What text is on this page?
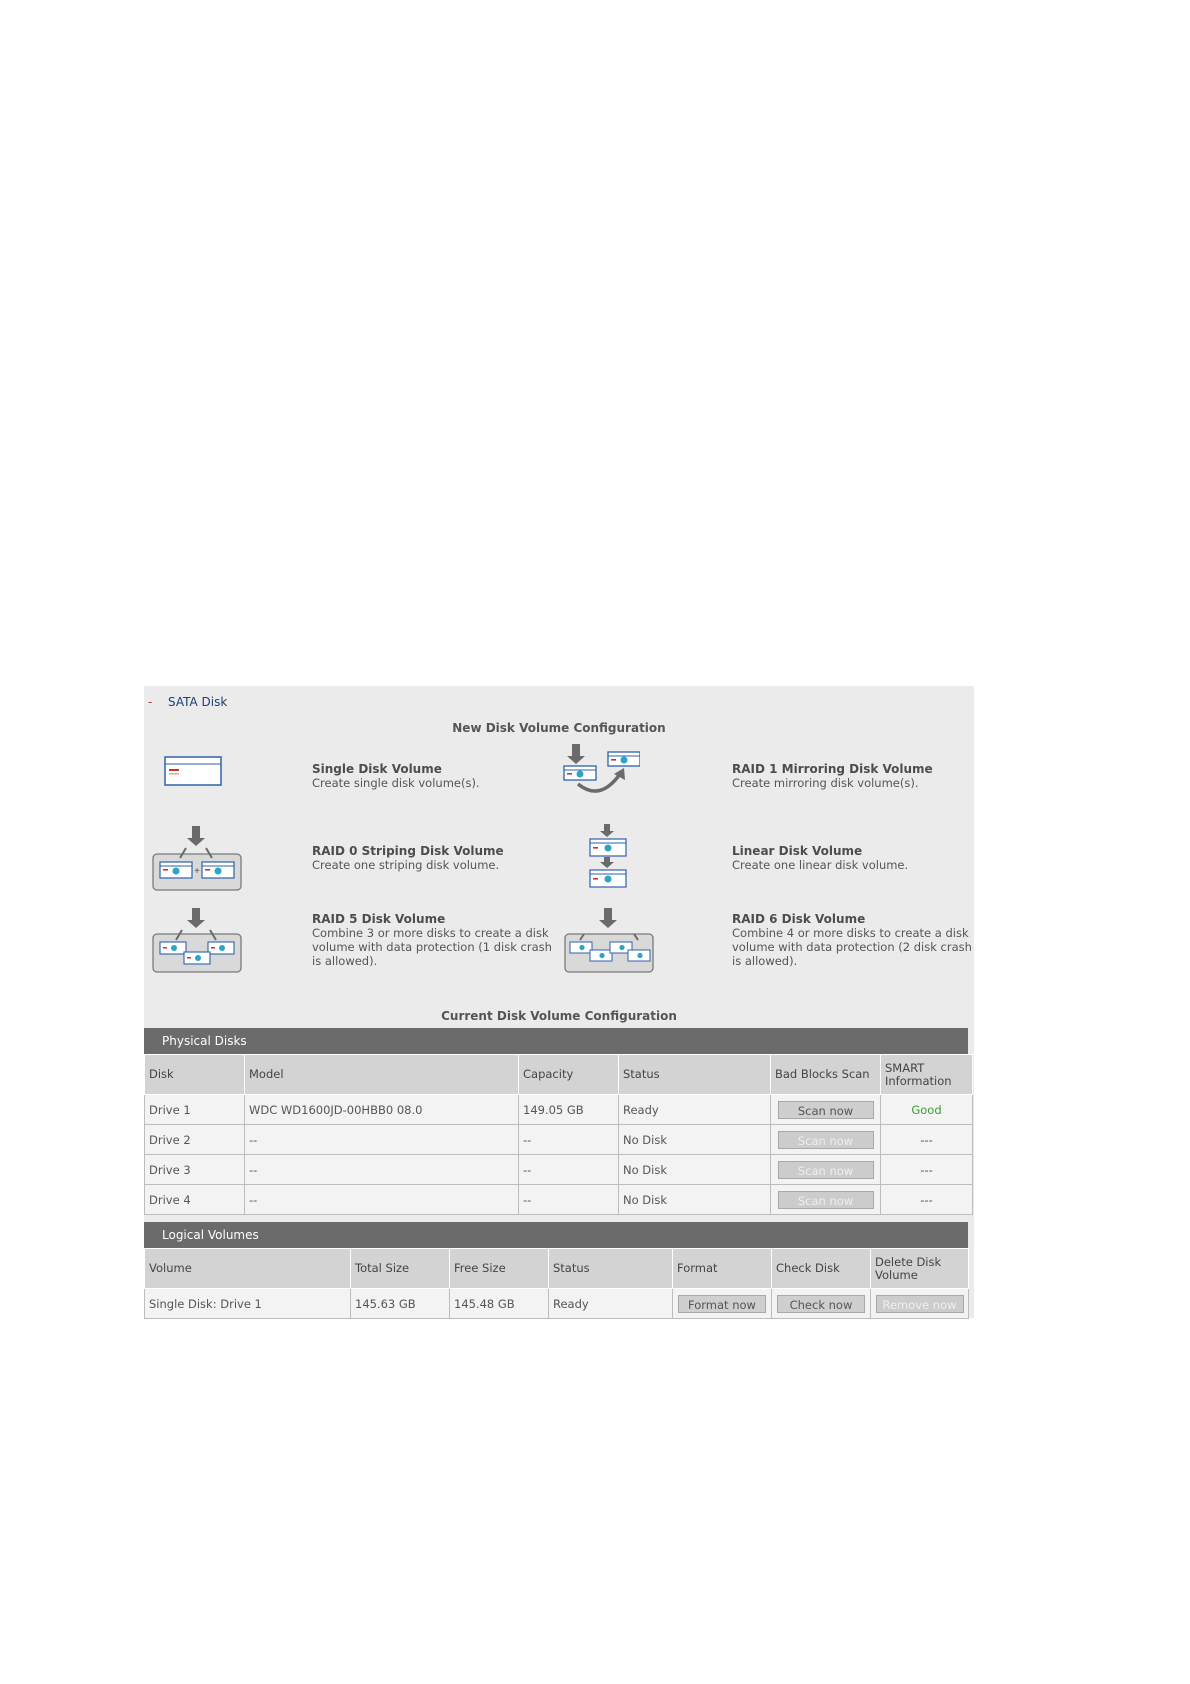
- SATA Disk
New Disk Volume Configuration
Single Disk Volume
Create single disk volume(s).
RAID 1 Mirroring Disk Volume
Create mirroring disk volume(s).
+
RAID 0 Striping Disk Volume
Create one striping disk volume.
Linear Disk Volume
Create one linear disk volume.
RAID 5 Disk Volume
Combine 3 or more disks to create a disk volume with data protection (1 disk crash is allowed).
RAID 6 Disk Volume
Combine 4 or more disks to create a disk volume with data protection (2 disk crash is allowed).
Current Disk Volume Configuration
Physical Disks
Disk	Model	Capacity	Status	Bad Blocks Scan	SMART Information
Drive 1	WDC WD1600JD-00HBB0 08.0	149.05 GB	Ready	Scan now	Good
Drive 2	--	--	No Disk	Scan now	---
Drive 3	--	--	No Disk	Scan now	---
Drive 4	--	--	No Disk	Scan now	---
Logical Volumes
Volume	Total Size	Free Size	Status	Format	Check Disk	Delete Disk Volume
Single Disk: Drive 1	145.63 GB	145.48 GB	Ready	Format now	Check now	Remove now
